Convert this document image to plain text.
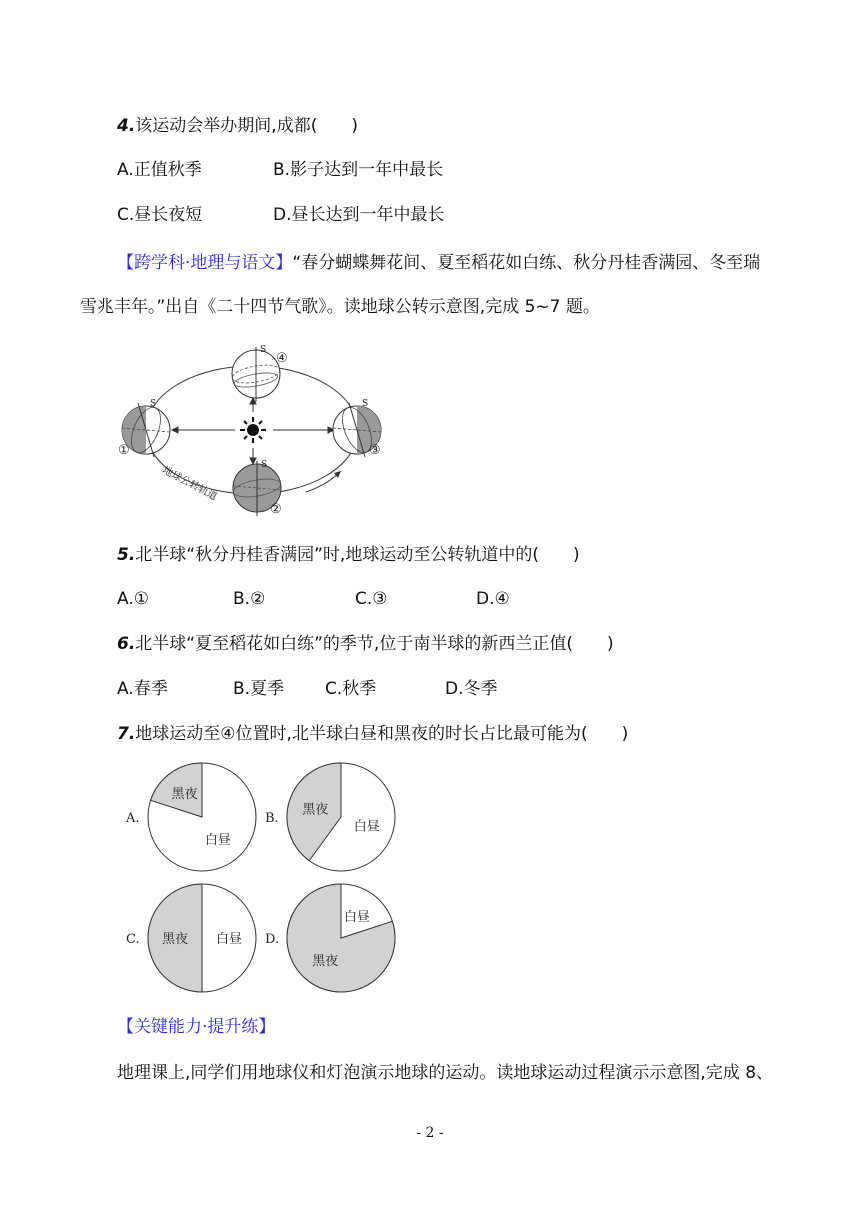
4.该运动会举办期间,成都(　　)
A.正值秋季	B.影子达到一年中最长
C.昼长夜短	D.昼长达到一年中最长
【跨学科·地理与语文】“春分蝴蝶舞花间、夏至稻花如白练、秋分丹桂香满园、冬至瑞
雪兆丰年。”出自《二十四节气歌》。读地球公转示意图,完成 5~7 题。
S
S	S
S
④
①	③
②
地球公转轨道
5.北半球“秋分丹桂香满园”时,地球运动至公转轨道中的(　　)
A.①	B.②	C.③	D.④
6.北半球“夏至稻花如白练”的季节,位于南半球的新西兰正值(　　)
A.春季	B.夏季 C.秋季	D.冬季
7.地球运动至④位置时,北半球白昼和黑夜的时长占比最可能为(　　)
黑夜
白昼
A.
黑夜
白昼
B.
黑夜 白昼
C.
黑夜
白昼
D.
【关键能力·提升练】
地理课上,同学们用地球仪和灯泡演示地球的运动。读地球运动过程演示示意图,完成 8、
- 2 -
